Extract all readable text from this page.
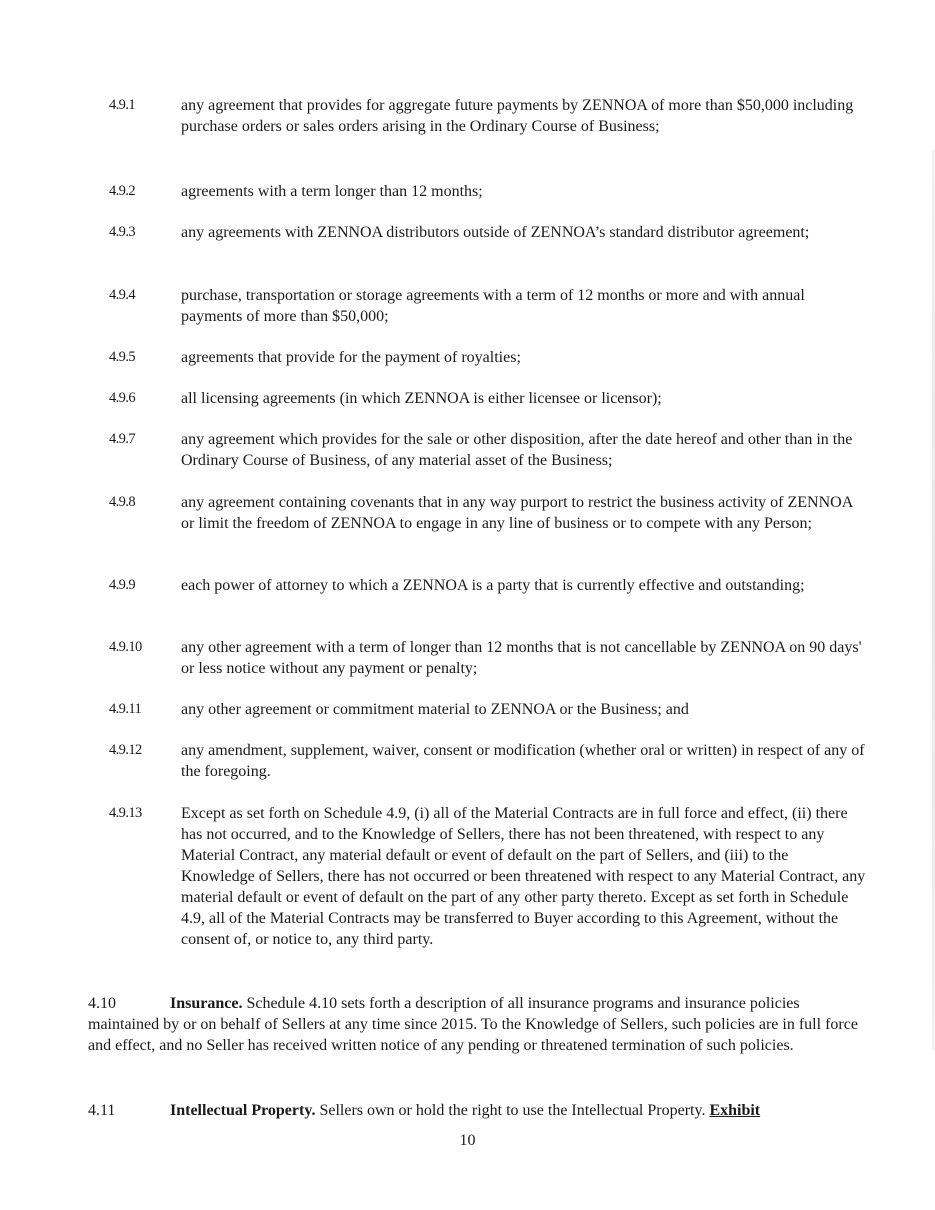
4.9.1	any agreement that provides for aggregate future payments by ZENNOA of more than $50,000 including purchase orders or sales orders arising in the Ordinary Course of Business;
4.9.2	agreements with a term longer than 12 months;
4.9.3	any agreements with ZENNOA distributors outside of ZENNOA’s standard distributor agreement;
4.9.4	purchase, transportation or storage agreements with a term of 12 months or more and with annual payments of more than $50,000;
4.9.5	agreements that provide for the payment of royalties;
4.9.6	all licensing agreements (in which ZENNOA is either licensee or licensor);
4.9.7	any agreement which provides for the sale or other disposition, after the date hereof and other than in the Ordinary Course of Business, of any material asset of the Business;
4.9.8	any agreement containing covenants that in any way purport to restrict the business activity of ZENNOA or limit the freedom of ZENNOA to engage in any line of business or to compete with any Person;
4.9.9	each power of attorney to which a ZENNOA is a party that is currently effective and outstanding;
4.9.10 any other agreement with a term of longer than 12 months that is not cancellable by ZENNOA on 90 days' or less notice without any payment or penalty;
4.9.11 any other agreement or commitment material to ZENNOA or the Business; and
4.9.12 any amendment, supplement, waiver, consent or modification (whether oral or written) in respect of any of the foregoing.
4.9.13 Except as set forth on Schedule 4.9, (i) all of the Material Contracts are in full force and effect, (ii) there has not occurred, and to the Knowledge of Sellers, there has not been threatened, with respect to any Material Contract, any material default or event of default on the part of Sellers, and (iii) to the Knowledge of Sellers, there has not occurred or been threatened with respect to any Material Contract, any material default or event of default on the part of any other party thereto. Except as set forth in Schedule 4.9, all of the Material Contracts may be transferred to Buyer according to this Agreement, without the consent of, or notice to, any third party.
4.10	Insurance. Schedule 4.10 sets forth a description of all insurance programs and insurance policies maintained by or on behalf of Sellers at any time since 2015. To the Knowledge of Sellers, such policies are in full force and effect, and no Seller has received written notice of any pending or threatened termination of such policies.
4.11	Intellectual Property. Sellers own or hold the right to use the Intellectual Property. Exhibit
10
